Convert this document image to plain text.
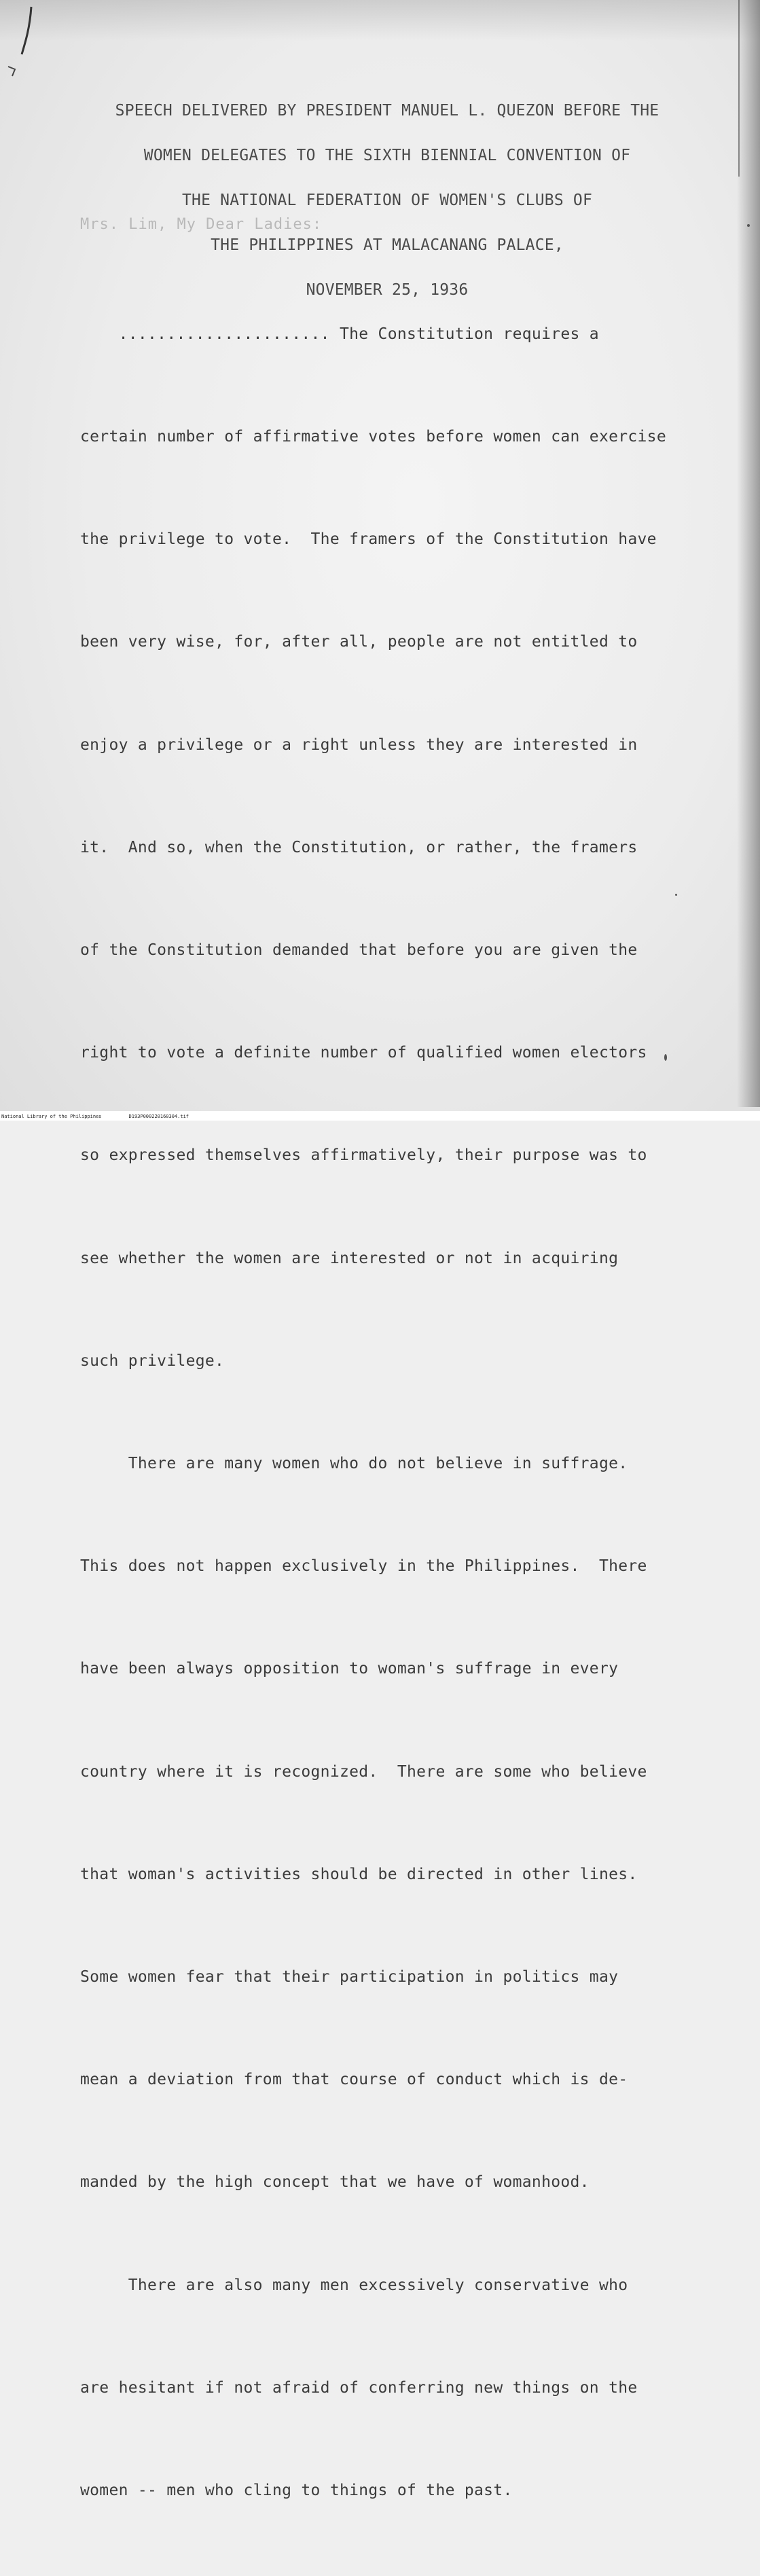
SPEECH DELIVERED BY PRESIDENT MANUEL L. QUEZON BEFORE THE

WOMEN DELEGATES TO THE SIXTH BIENNIAL CONVENTION OF

THE NATIONAL FEDERATION OF WOMEN'S CLUBS OF

THE PHILIPPINES AT MALACANANG PALACE,

NOVEMBER 25, 1936

Mrs. Lim, My Dear Ladies:

...................... The Constitution requires a

certain number of affirmative votes before women can exercise

the privilege to vote.  The framers of the Constitution have

been very wise, for, after all, people are not entitled to

enjoy a privilege or a right unless they are interested in

it.  And so, when the Constitution, or rather, the framers

of the Constitution demanded that before you are given the

right to vote a definite number of qualified women electors

so expressed themselves affirmatively, their purpose was to

see whether the women are interested or not in acquiring

such privilege.

There are many women who do not believe in suffrage.

This does not happen exclusively in the Philippines.  There

have been always opposition to woman's suffrage in every

country where it is recognized.  There are some who believe

that woman's activities should be directed in other lines.

Some women fear that their participation in politics may

mean a deviation from that course of conduct which is de-

manded by the high concept that we have of womanhood.

There are also many men excessively conservative who

are hesitant if not afraid of conferring new things on the

women -- men who cling to things of the past.

National Library of the Philippines	D193P000220160304.tif
